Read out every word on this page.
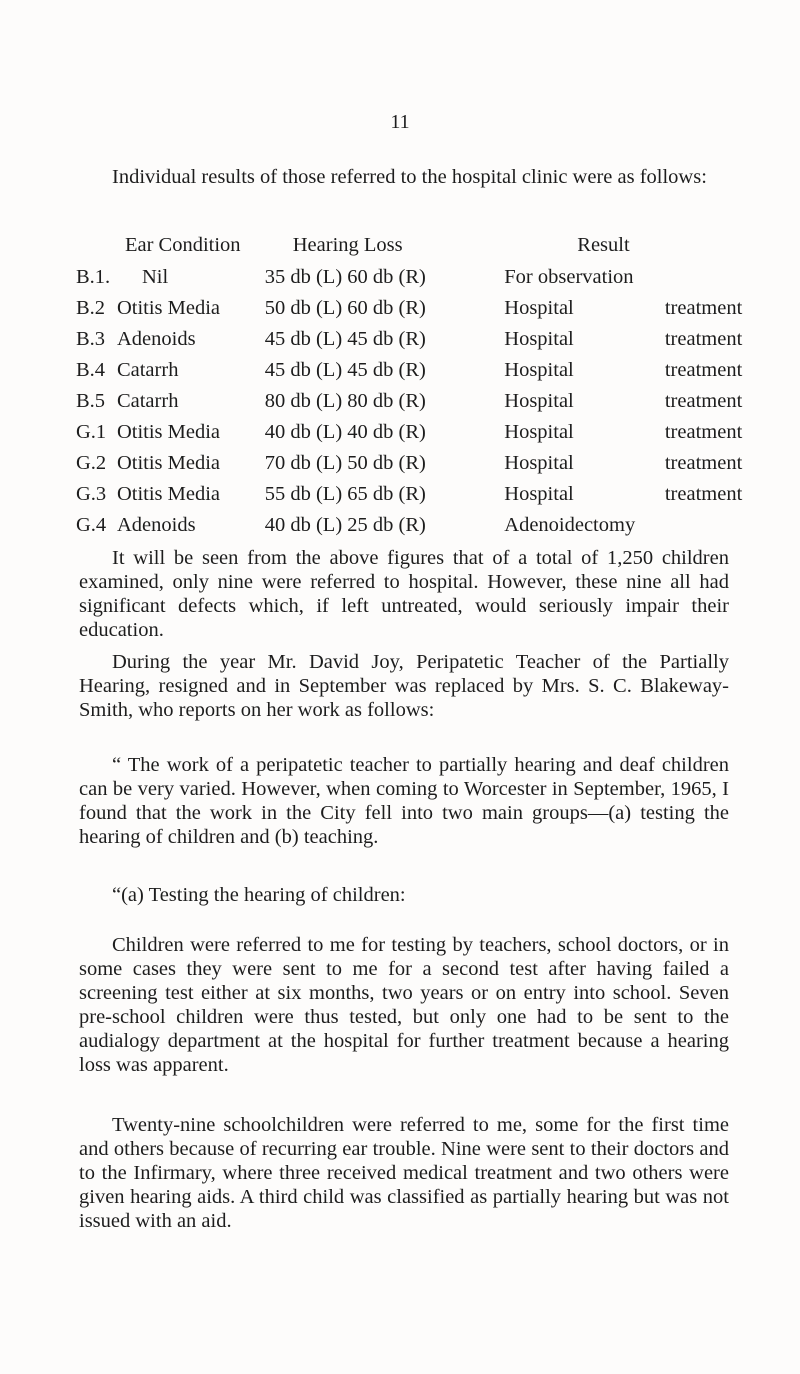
11

Individual results of those referred to the hospital clinic were as follows:

	Ear Condition	Hearing Loss	Result
B.1.	Nil	35 db (L) 60 db (R)	For observation

B.2	Otitis Media	50 db (L) 60 db (R)	Hospital treatment

B.3	Adenoids	45 db (L) 45 db (R)	Hospital treatment

B.4	Catarrh	45 db (L) 45 db (R)	Hospital treatment

B.5	Catarrh	80 db (L) 80 db (R)	Hospital treatment

G.1	Otitis Media	40 db (L) 40 db (R)	Hospital treatment

G.2	Otitis Media	70 db (L) 50 db (R)	Hospital treatment

G.3	Otitis Media	55 db (L) 65 db (R)	Hospital treatment

G.4	Adenoids	40 db (L) 25 db (R)	Adenoidectomy

It will be seen from the above figures that of a total of 1,250 children examined, only nine were referred to hospital. However, these nine all had significant defects which, if left untreated, would seriously impair their education.

During the year Mr. David Joy, Peripatetic Teacher of the Partially Hearing, resigned and in September was replaced by Mrs. S. C. Blakeway-Smith, who reports on her work as follows:

“ The work of a peripatetic teacher to partially hearing and deaf children can be very varied. However, when coming to Worcester in September, 1965, I found that the work in the City fell into two main groups—(a) testing the hearing of children and (b) teaching.

“(a) Testing the hearing of children:

Children were referred to me for testing by teachers, school doctors, or in some cases they were sent to me for a second test after having failed a screening test either at six months, two years or on entry into school. Seven pre-school children were thus tested, but only one had to be sent to the audialogy department at the hospital for further treatment because a hearing loss was apparent.

Twenty-nine schoolchildren were referred to me, some for the first time and others because of recurring ear trouble. Nine were sent to their doctors and to the Infirmary, where three received medical treatment and two others were given hearing aids. A third child was classified as partially hearing but was not issued with an aid.
